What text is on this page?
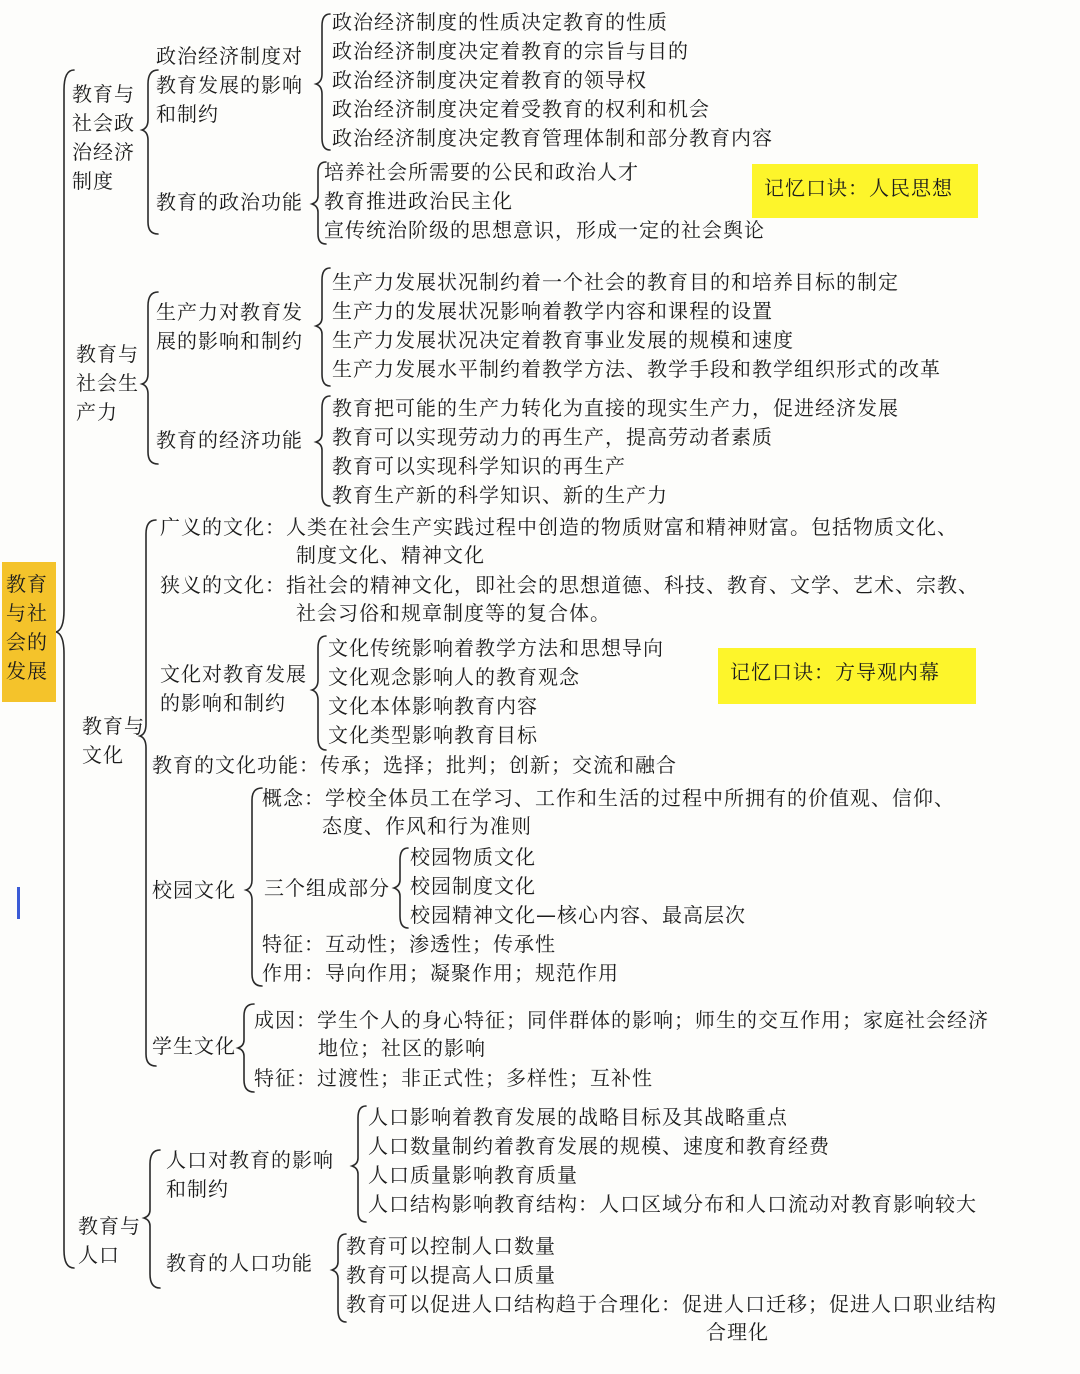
教育与社会的发展
教育与社会政治经济制度
政治经济制度对教育发展的影响和制约
政治经济制度的性质决定教育的性质
政治经济制度决定着教育的宗旨与目的
政治经济制度决定着教育的领导权
政治经济制度决定着受教育的权利和机会
政治经济制度决定教育管理体制和部分教育内容
教育的政治功能
培养社会所需要的公民和政治人才
教育推进政治民主化
宣传统治阶级的思想意识，形成一定的社会舆论
记忆口诀：人民思想
教育与社会生产力
生产力对教育发展的影响和制约
生产力发展状况制约着一个社会的教育目的和培养目标的制定
生产力的发展状况影响着教学内容和课程的设置
生产力发展状况决定着教育事业发展的规模和速度
生产力发展水平制约着教学方法、教学手段和教学组织形式的改革
教育的经济功能
教育把可能的生产力转化为直接的现实生产力，促进经济发展
教育可以实现劳动力的再生产，提高劳动者素质
教育可以实现科学知识的再生产
教育生产新的科学知识、新的生产力
教育与文化
广义的文化：人类在社会生产实践过程中创造的物质财富和精神财富。包括物质文化、
制度文化、精神文化
狭义的文化：指社会的精神文化，即社会的思想道德、科技、教育、文学、艺术、宗教、
社会习俗和规章制度等的复合体。
文化对教育发展的影响和制约
文化传统影响着教学方法和思想导向
文化观念影响人的教育观念
文化本体影响教育内容
文化类型影响教育目标
记忆口诀：方导观内幕
教育的文化功能：传承；选择；批判；创新；交流和融合
校园文化
概念：学校全体员工在学习、工作和生活的过程中所拥有的价值观、信仰、
态度、作风和行为准则
三个组成部分
校园物质文化
校园制度文化
校园精神文化—核心内容、最高层次
特征：互动性；渗透性；传承性
作用：导向作用；凝聚作用；规范作用
学生文化
成因：学生个人的身心特征；同伴群体的影响；师生的交互作用；家庭社会经济
地位；社区的影响
特征：过渡性；非正式性；多样性；互补性
教育与人口
人口对教育的影响和制约
人口影响着教育发展的战略目标及其战略重点
人口数量制约着教育发展的规模、速度和教育经费
人口质量影响教育质量
人口结构影响教育结构：人口区域分布和人口流动对教育影响较大
教育的人口功能
教育可以控制人口数量
教育可以提高人口质量
教育可以促进人口结构趋于合理化：促进人口迁移；促进人口职业结构
合理化
